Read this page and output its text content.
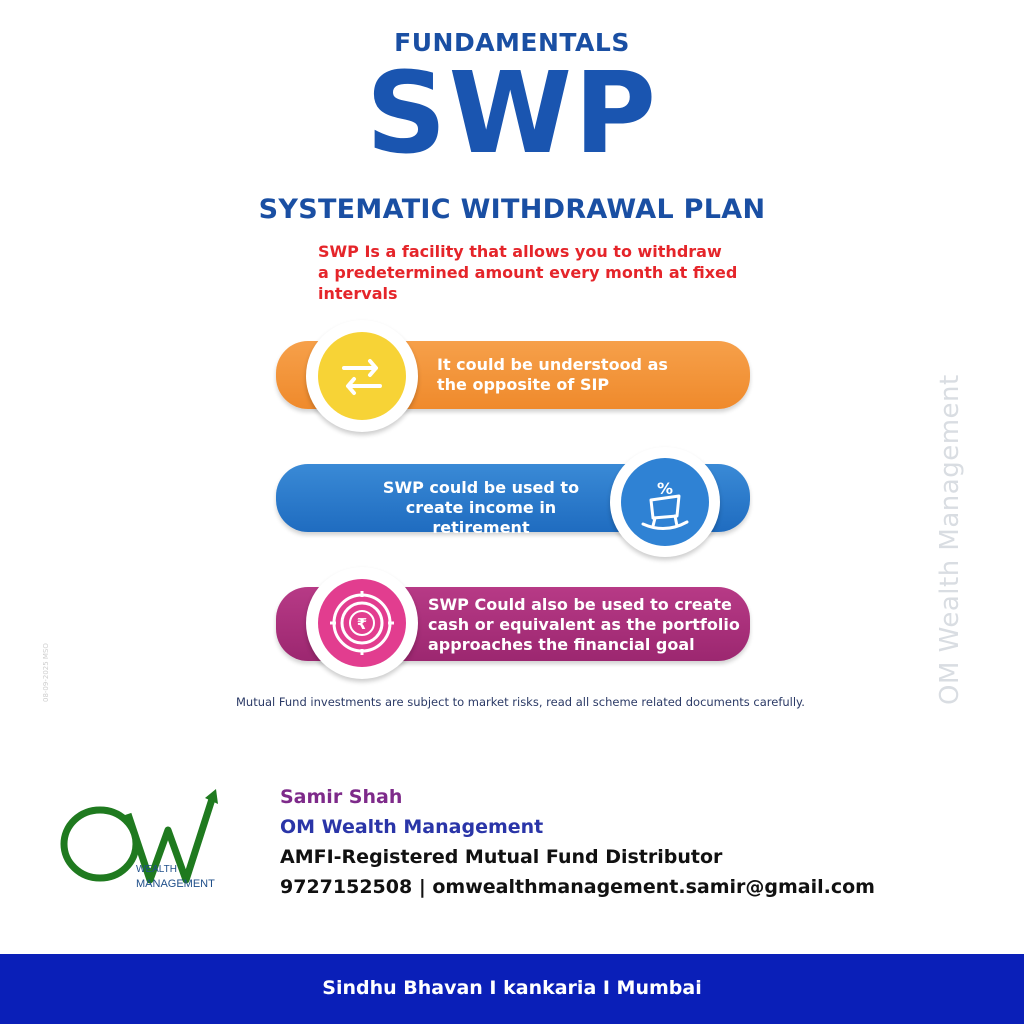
FUNDAMENTALS
SWP
SYSTEMATIC WITHDRAWAL PLAN
SWP Is a facility that allows you to withdraw a predetermined amount every month at fixed intervals
It could be understood as
the opposite of SIP
SWP could be used to
create income in retirement
%
SWP Could also be used to create
cash or equivalent as the portfolio
approaches the financial goal
₹
Mutual Fund investments are subject to market risks, read all scheme related documents carefully.	OM Wealth Management
08-09-2025 MSO
WEALTH
MANAGEMENT
Samir Shah
OM Wealth Management
AMFI-Registered Mutual Fund Distributor
9727152508 | omwealthmanagement.samir@gmail.com
Sindhu Bhavan I kankaria I Mumbai
